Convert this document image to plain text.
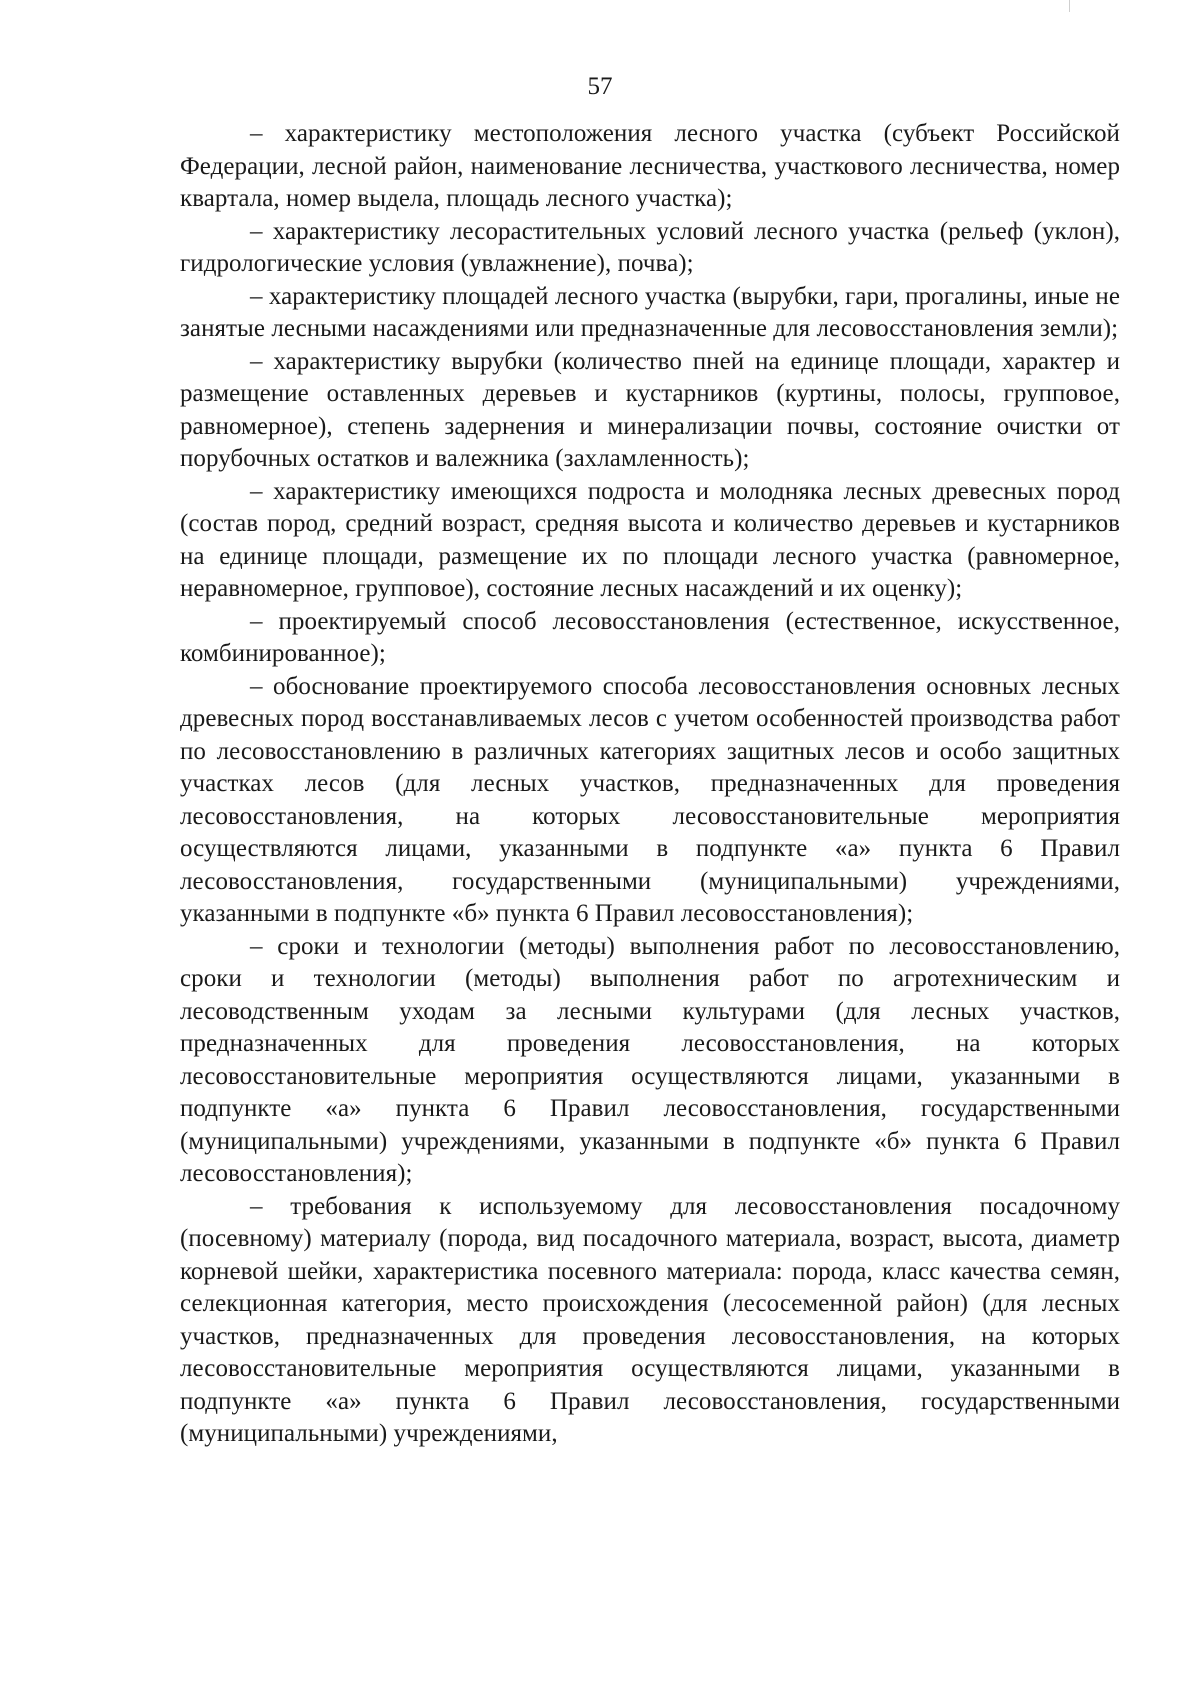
57

– характеристику местоположения лесного участка (субъект Российской Федерации, лесной район, наименование лесничества, участкового лесничества, номер квартала, номер выдела, площадь лесного участка);

– характеристику лесорастительных условий лесного участка (рельеф (уклон), гидрологические условия (увлажнение), почва);

– характеристику площадей лесного участка (вырубки, гари, прогалины, иные не занятые лесными насаждениями или предназначенные для лесовосстановления земли);

– характеристику вырубки (количество пней на единице площади, характер и размещение оставленных деревьев и кустарников (куртины, полосы, групповое, равномерное), степень задернения и минерализации почвы, состояние очистки от порубочных остатков и валежника (захламленность);

– характеристику имеющихся подроста и молодняка лесных древесных пород (состав пород, средний возраст, средняя высота и количество деревьев и кустарников на единице площади, размещение их по площади лесного участка (равномерное, неравномерное, групповое), состояние лесных насаждений и их оценку);

– проектируемый способ лесовосстановления (естественное, искусственное, комбинированное);

– обоснование проектируемого способа лесовосстановления основных лесных древесных пород восстанавливаемых лесов с учетом особенностей производства работ по лесовосстановлению в различных категориях защитных лесов и особо защитных участках лесов (для лесных участков, предназначенных для проведения лесовосстановления, на которых лесовосстановительные мероприятия осуществляются лицами, указанными в подпункте «а» пункта 6 Правил лесовосстановления, государственными (муниципальными) учреждениями, указанными в подпункте «б» пункта 6 Правил лесовосстановления);

– сроки и технологии (методы) выполнения работ по лесовосстановлению, сроки и технологии (методы) выполнения работ по агротехническим и лесоводственным уходам за лесными культурами (для лесных участков, предназначенных для проведения лесовосстановления, на которых лесовосстановительные мероприятия осуществляются лицами, указанными в подпункте «а» пункта 6 Правил лесовосстановления, государственными (муниципальными) учреждениями, указанными в подпункте «б» пункта 6 Правил лесовосстановления);

– требования к используемому для лесовосстановления посадочному (посевному) материалу (порода, вид посадочного материала, возраст, высота, диаметр корневой шейки, характеристика посевного материала: порода, класс качества семян, селекционная категория, место происхождения (лесосеменной район) (для лесных участков, предназначенных для проведения лесовосстановления, на которых лесовосстановительные мероприятия осуществляются лицами, указанными в подпункте «а» пункта 6 Правил лесовосстановления, государственными (муниципальными) учреждениями,
